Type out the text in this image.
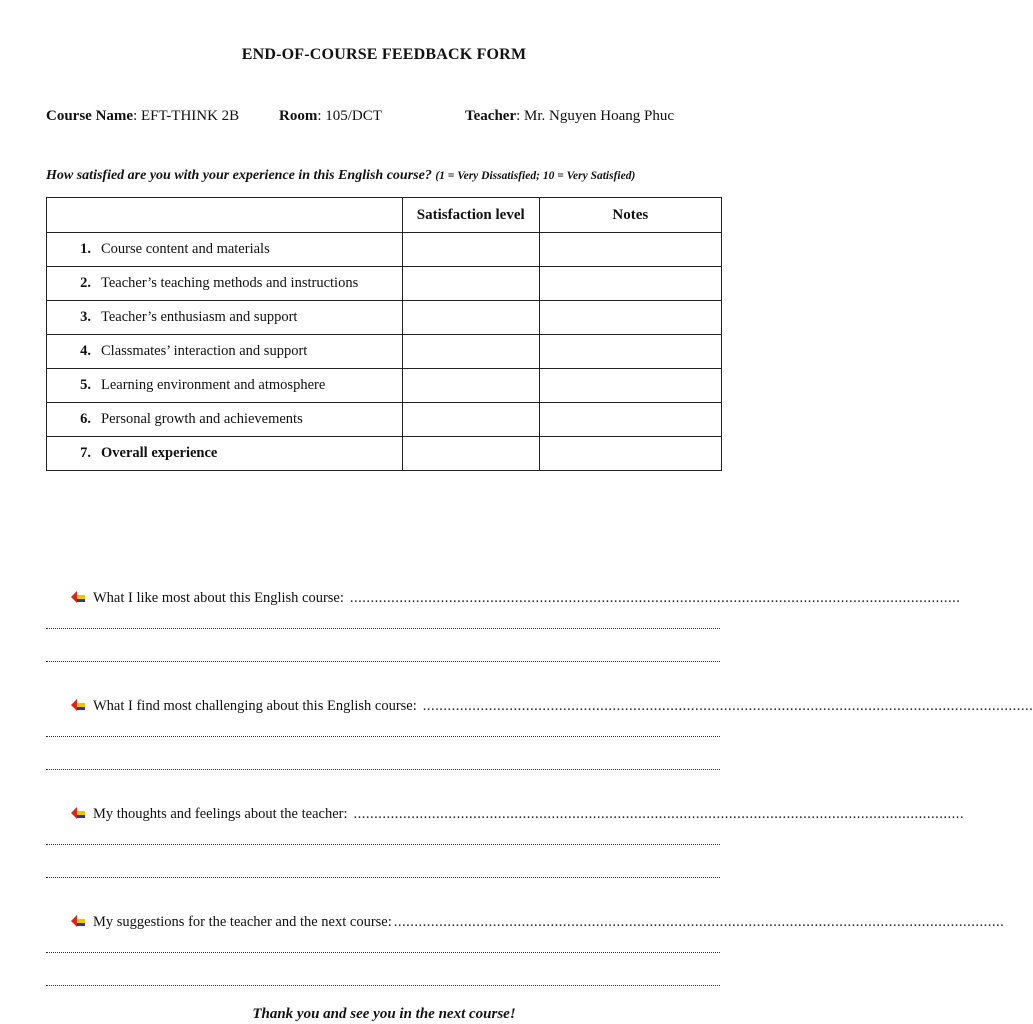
END-OF-COURSE FEEDBACK FORM
Course Name: EFT-THINK 2B	Room: 105/DCT	Teacher: Mr. Nguyen Hoang Phuc
How satisfied are you with your experience in this English course? (1 = Very Dissatisfied; 10 = Very Satisfied)
	Satisfaction level	Notes
1. Course content and materials		
2. Teacher’s teaching methods and instructions		
3. Teacher’s enthusiasm and support		
4. Classmates’ interaction and support		
5. Learning environment and atmosphere		
6. Personal growth and achievements		
7. Overall experience		
What I like most about this English course: ....................................................................................................................................................
What I find most challenging about this English course: ....................................................................................................................................................
My thoughts and feelings about the teacher: ....................................................................................................................................................
My suggestions for the teacher and the next course: ....................................................................................................................................................
Thank you and see you in the next course!
